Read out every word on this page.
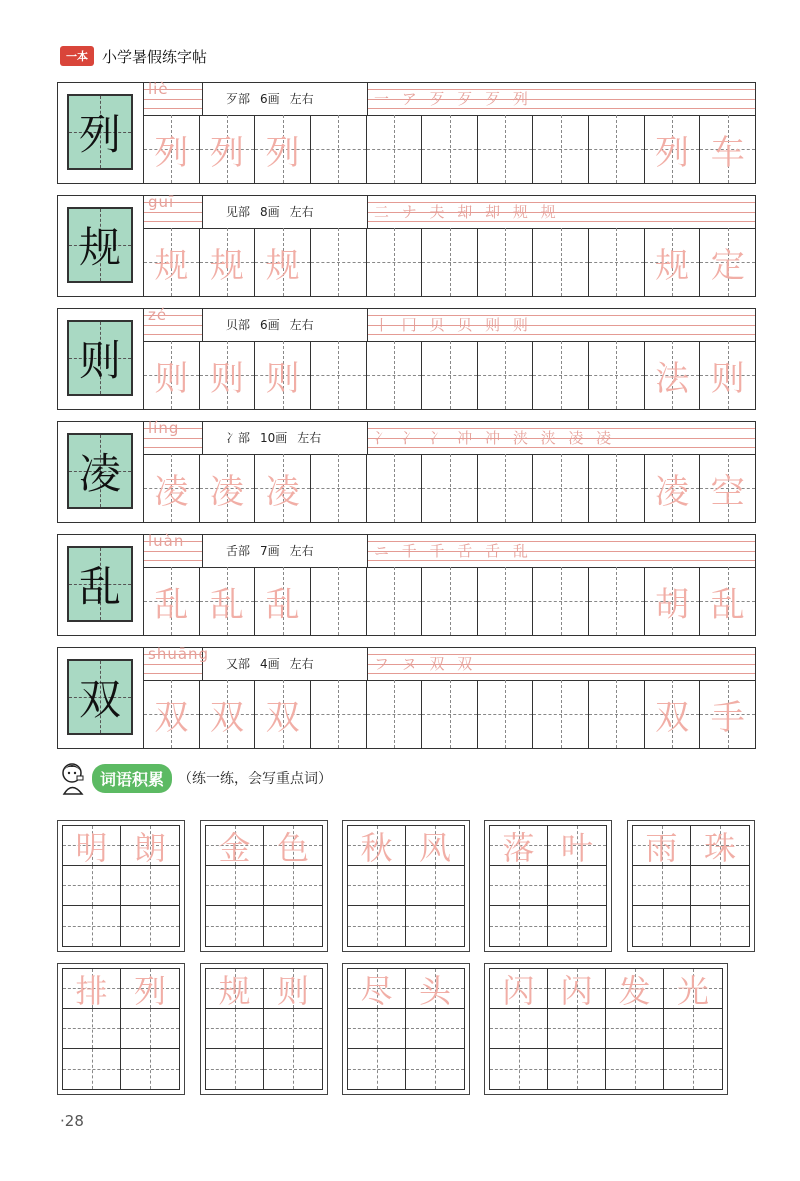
一本 小学暑假练字帖
列
liè
歹部 6画 左右	一 ア 歹 歹 歹 列
列 列 列	列 车
规
guī
见部 8画 左右	二 ナ 夫 却 却 规 规
规 规 规	规 定
则
zé
贝部 6画 左右	丨 冂 贝 贝 则 则
则 则 则	法 则
凌
líng
冫部 10画 左右	冫 冫 冫 冲 冲 浃 浃 凌 凌
凌 凌 凌	凌 空
乱
luàn
舌部 7画 左右	ニ 千 千 舌 舌 乱
乱 乱 乱	胡 乱
双
shuāng
又部 4画 左右	フ ヌ 双 双
双 双 双	双 手
词语积累	（练一练，会写重点词）
明 朗	金 色	秋 风	落 叶	雨 珠
排 列	规 则	尽 头	闪 闪 发 光
·28
